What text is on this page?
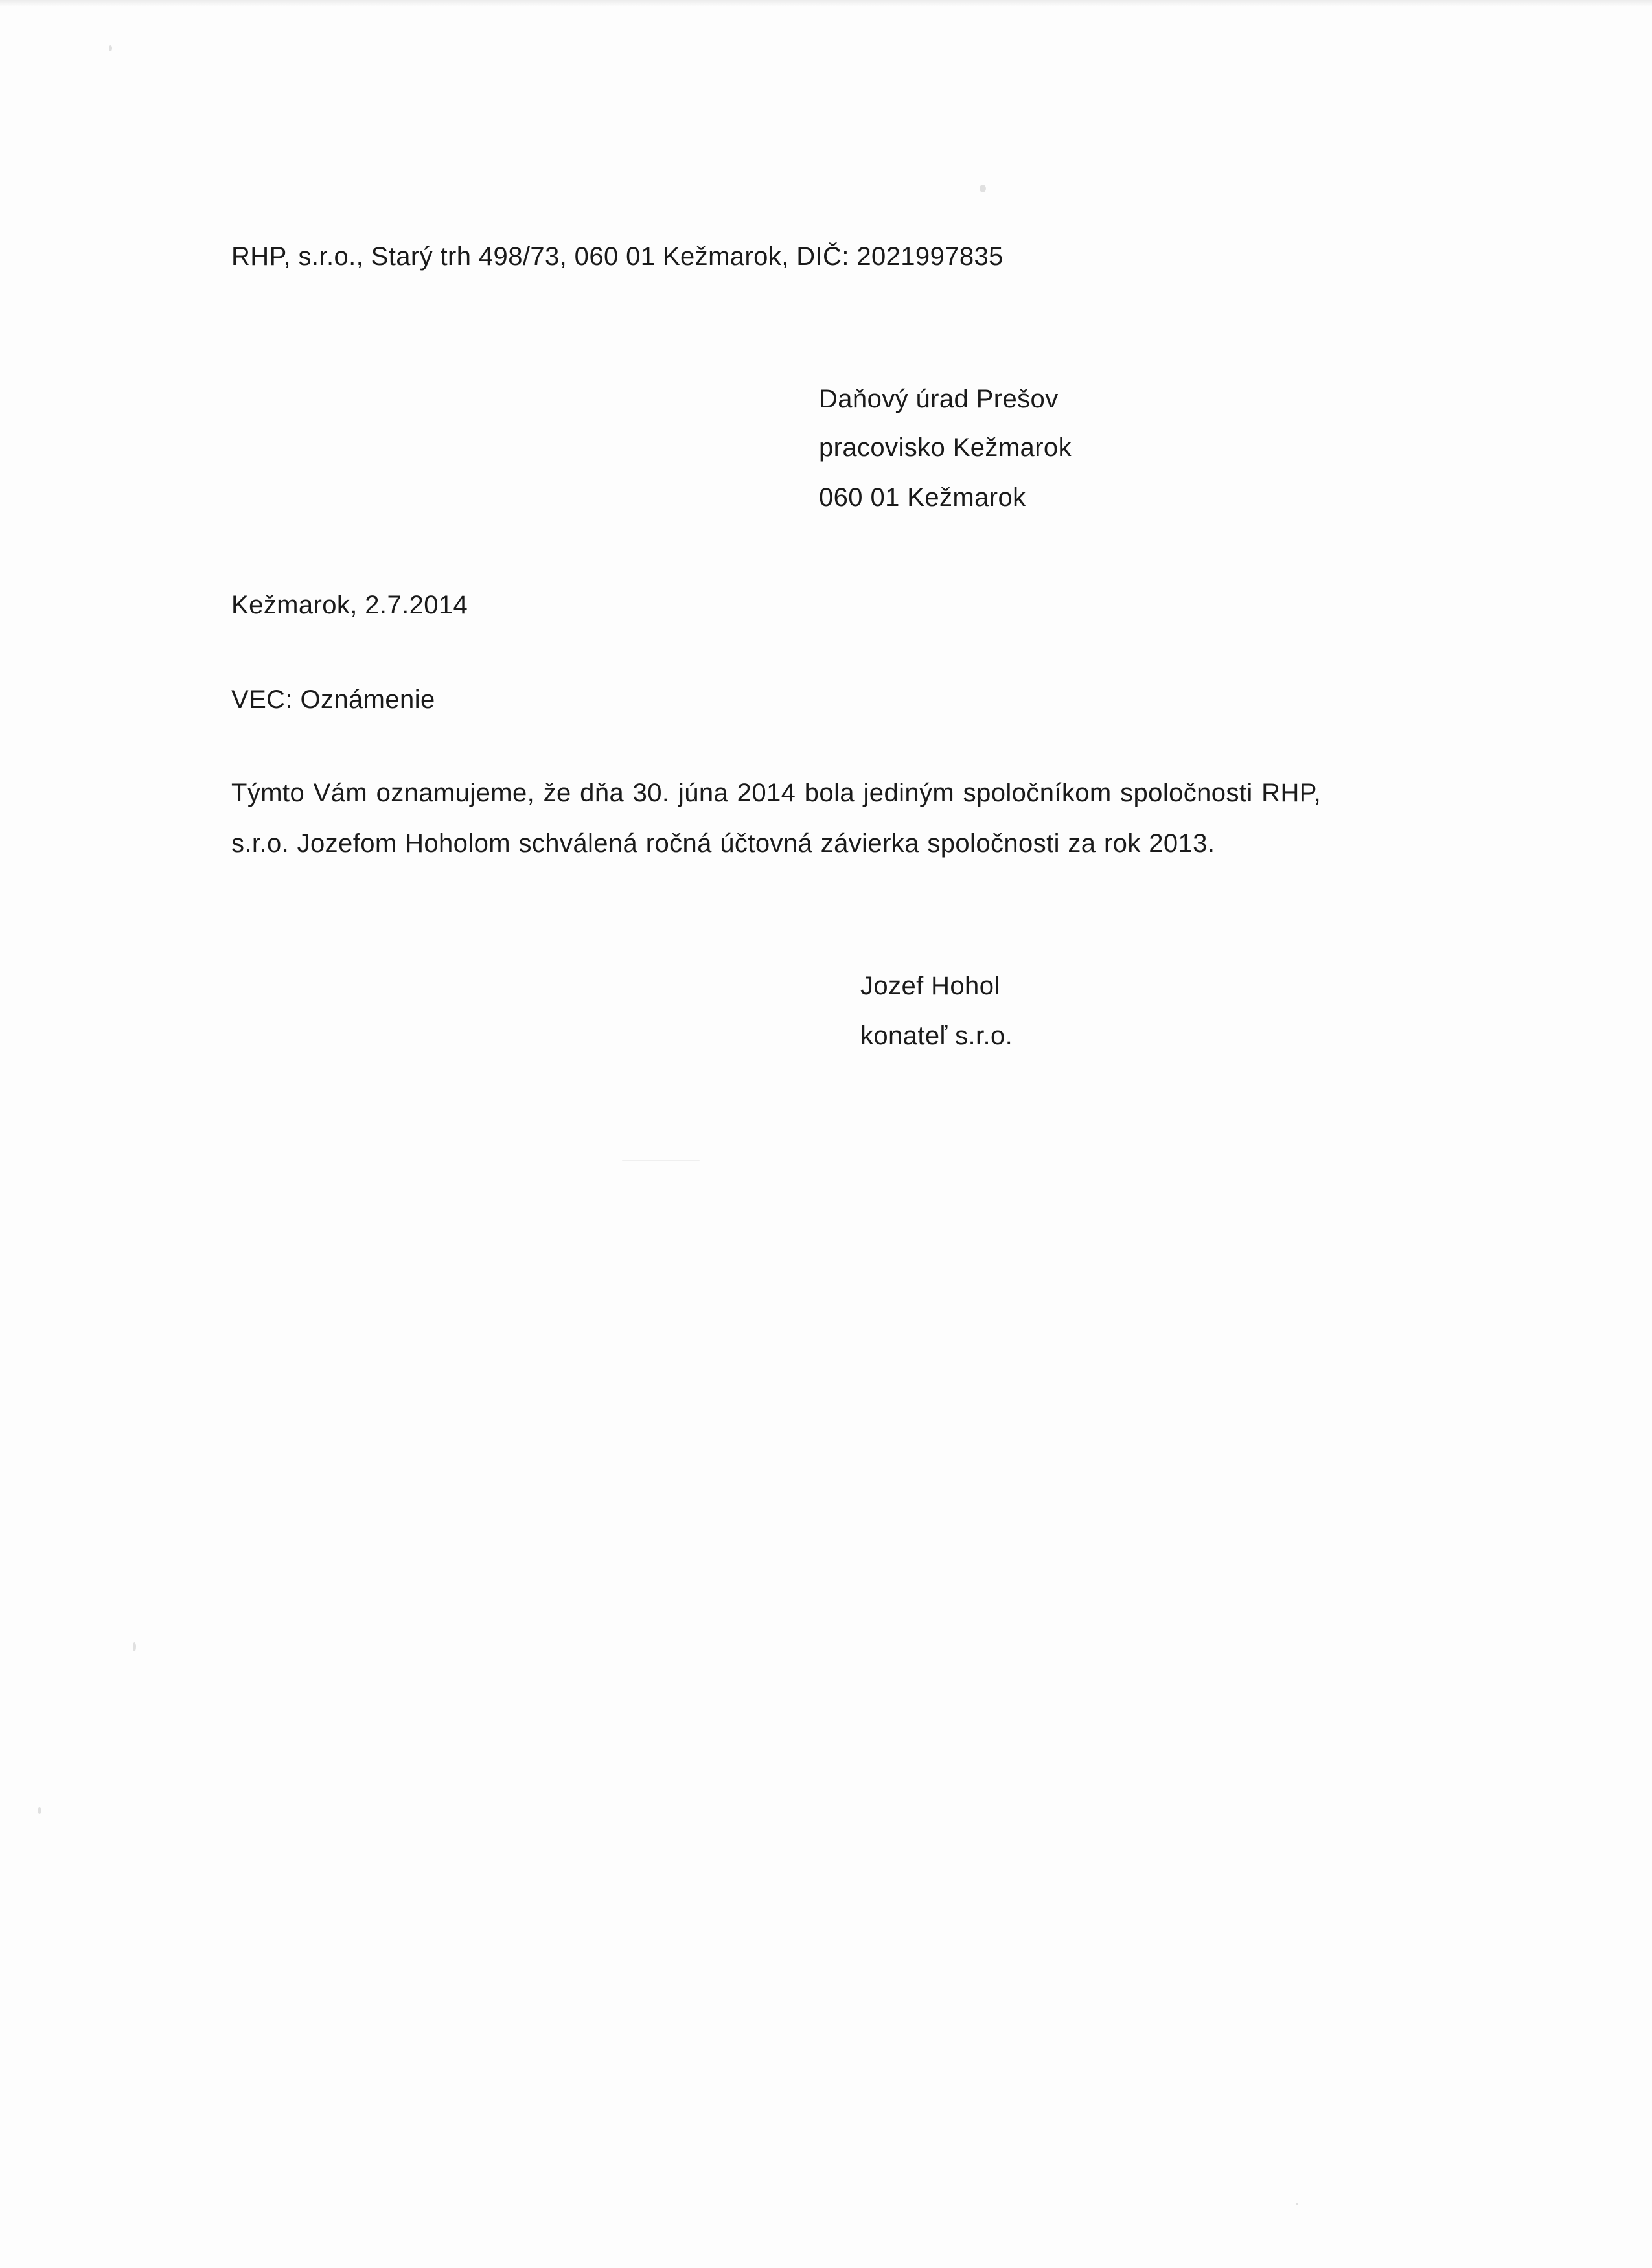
RHP, s.r.o., Starý trh 498/73, 060 01 Kežmarok, DIČ: 2021997835
Daňový úrad Prešov
pracovisko Kežmarok
060 01 Kežmarok
Kežmarok, 2.7.2014
VEC: Oznámenie
Týmto Vám oznamujeme, že dňa 30. júna 2014 bola jediným spoločníkom spoločnosti RHP,
s.r.o. Jozefom Hoholom schválená ročná účtovná závierka spoločnosti za rok 2013.
Jozef Hohol
konateľ s.r.o.
